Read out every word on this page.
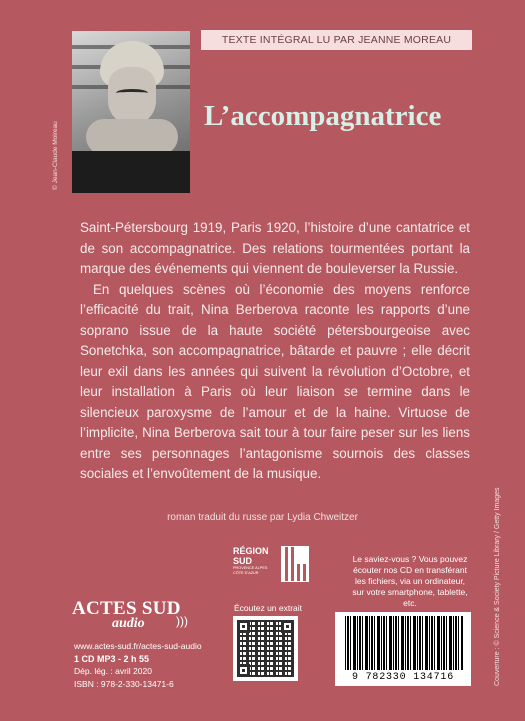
© Jean-Claude Moireau
TEXTE INTÉGRAL LU PAR JEANNE MOREAU
L’accompagnatrice

Saint-Pétersbourg 1919, Paris 1920, l’histoire d’une cantatrice et de son accompagnatrice. Des relations tourmentées portant la marque des événements qui viennent de bouleverser la Russie.

En quelques scènes où l’économie des moyens renforce l’efficacité du trait, Nina Berberova raconte les rapports d’une soprano issue de la haute société pétersbourgeoise avec Sonetchka, son accompagnatrice, bâtarde et pauvre ; elle décrit leur exil dans les années qui suivent la révolution d’Octobre, et leur installation à Paris où leur liaison se termine dans le silencieux paroxysme de l’amour et de la haine. Virtuose de l’implicite, Nina Berberova sait tour à tour faire peser sur les liens entre ses personnages l’antagonisme sournois des classes sociales et l’envoûtement de la musique.

roman traduit du russe par Lydia Chweitzer
ACTES SUD
audio	)))
www.actes-sud.fr/actes-sud-audio
1 CD MP3 - 2 h 55
Dép. lég. : avril 2020
ISBN : 978-2-330-13471-6
RÉGION
SUD
PROVENCE ALPES CÔTE D’AZUR
Écoutez un extrait
Le saviez-vous ? Vous pouvez écouter nos CD en transférant les fichiers, via un ordinateur, sur votre smartphone, tablette, etc.
9 782330 134716	Couverture : © Science & Society Picture Library / Getty Images
